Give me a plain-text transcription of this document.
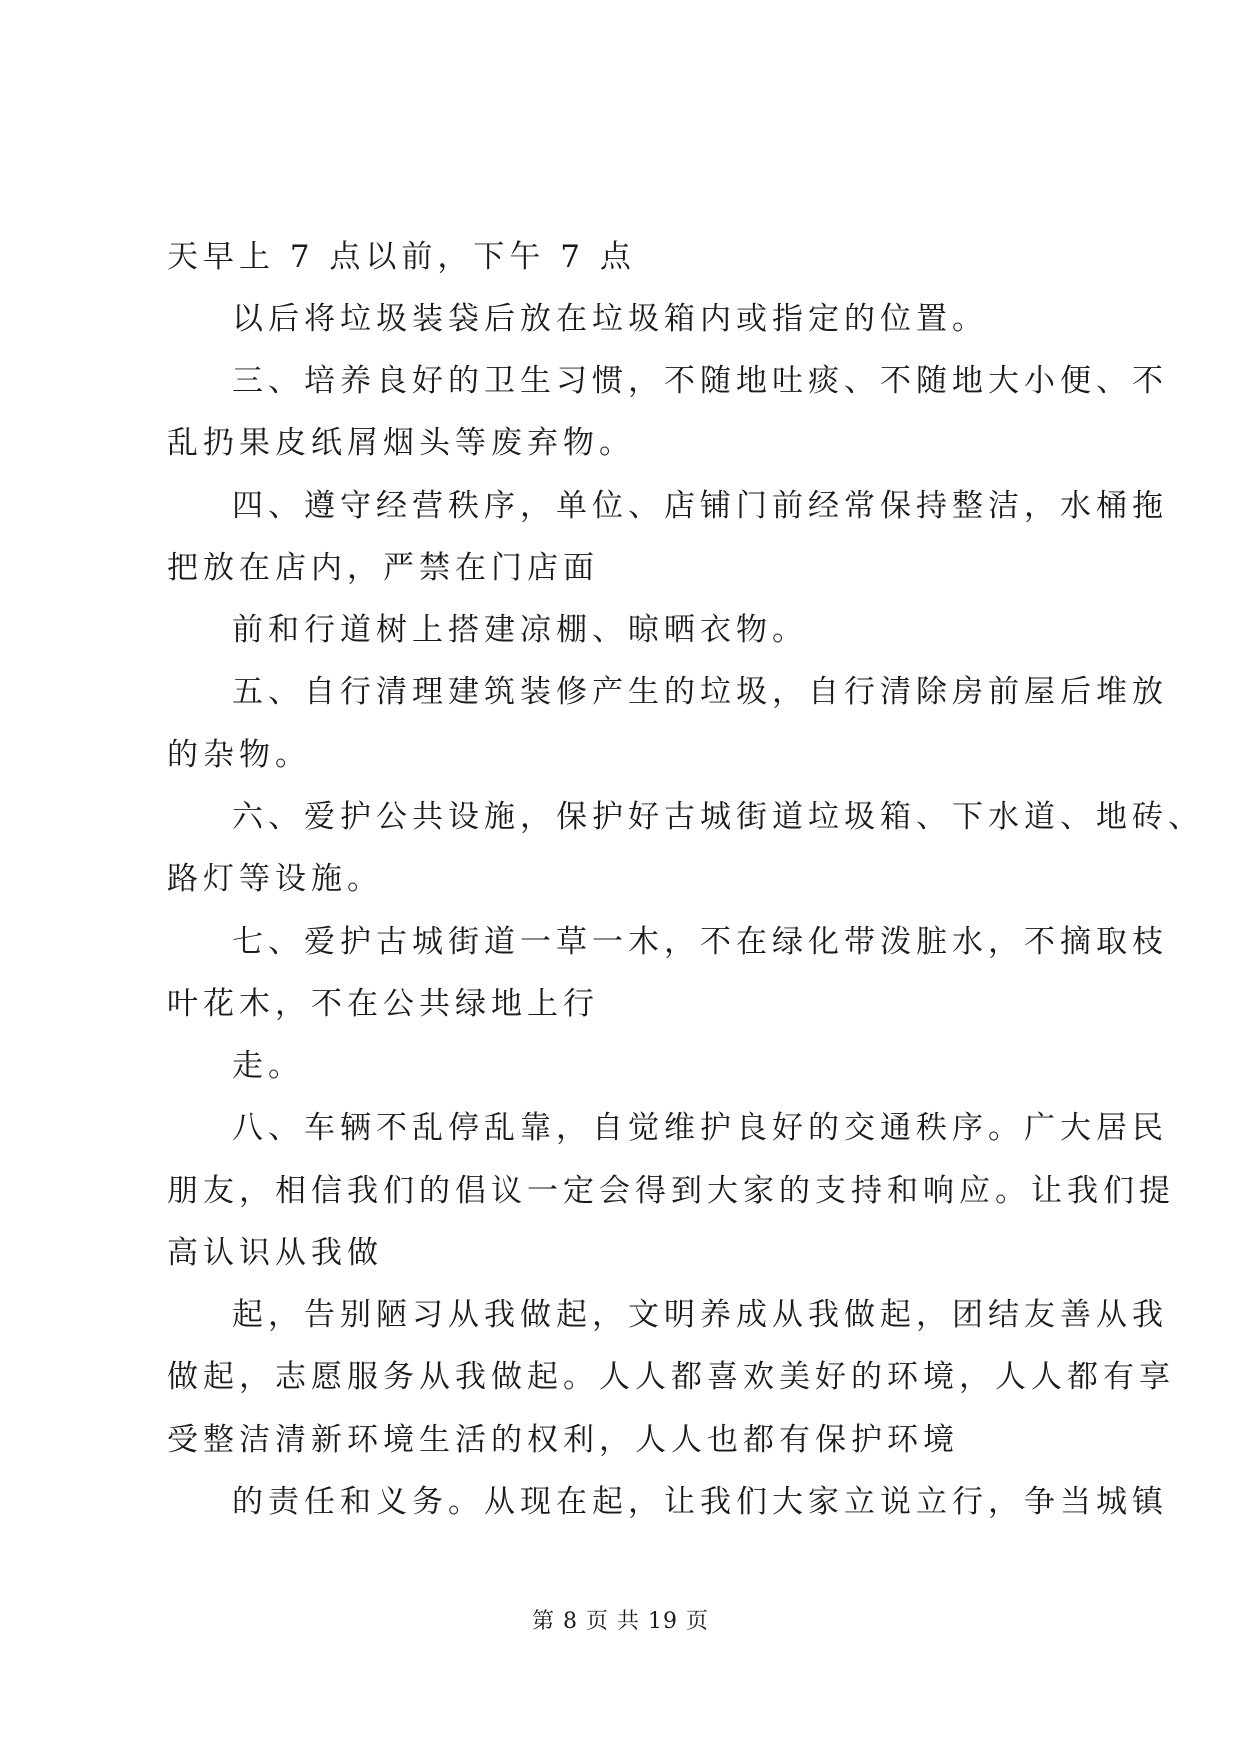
天早上 7 点以前，下午 7 点
以后将垃圾装袋后放在垃圾箱内或指定的位置。
三、培养良好的卫生习惯，不随地吐痰、不随地大小便、不
乱扔果皮纸屑烟头等废弃物。
四、遵守经营秩序，单位、店铺门前经常保持整洁，水桶拖
把放在店内，严禁在门店面
前和行道树上搭建凉棚、晾晒衣物。
五、自行清理建筑装修产生的垃圾，自行清除房前屋后堆放
的杂物。
六、爱护公共设施，保护好古城街道垃圾箱、下水道、地砖、
路灯等设施。
七、爱护古城街道一草一木，不在绿化带泼脏水，不摘取枝
叶花木，不在公共绿地上行
走。
八、车辆不乱停乱靠，自觉维护良好的交通秩序。广大居民
朋友，相信我们的倡议一定会得到大家的支持和响应。让我们提
高认识从我做
起，告别陋习从我做起，文明养成从我做起，团结友善从我
做起，志愿服务从我做起。人人都喜欢美好的环境，人人都有享
受整洁清新环境生活的权利，人人也都有保护环境
的责任和义务。从现在起，让我们大家立说立行，争当城镇
第 8 页 共 19 页
